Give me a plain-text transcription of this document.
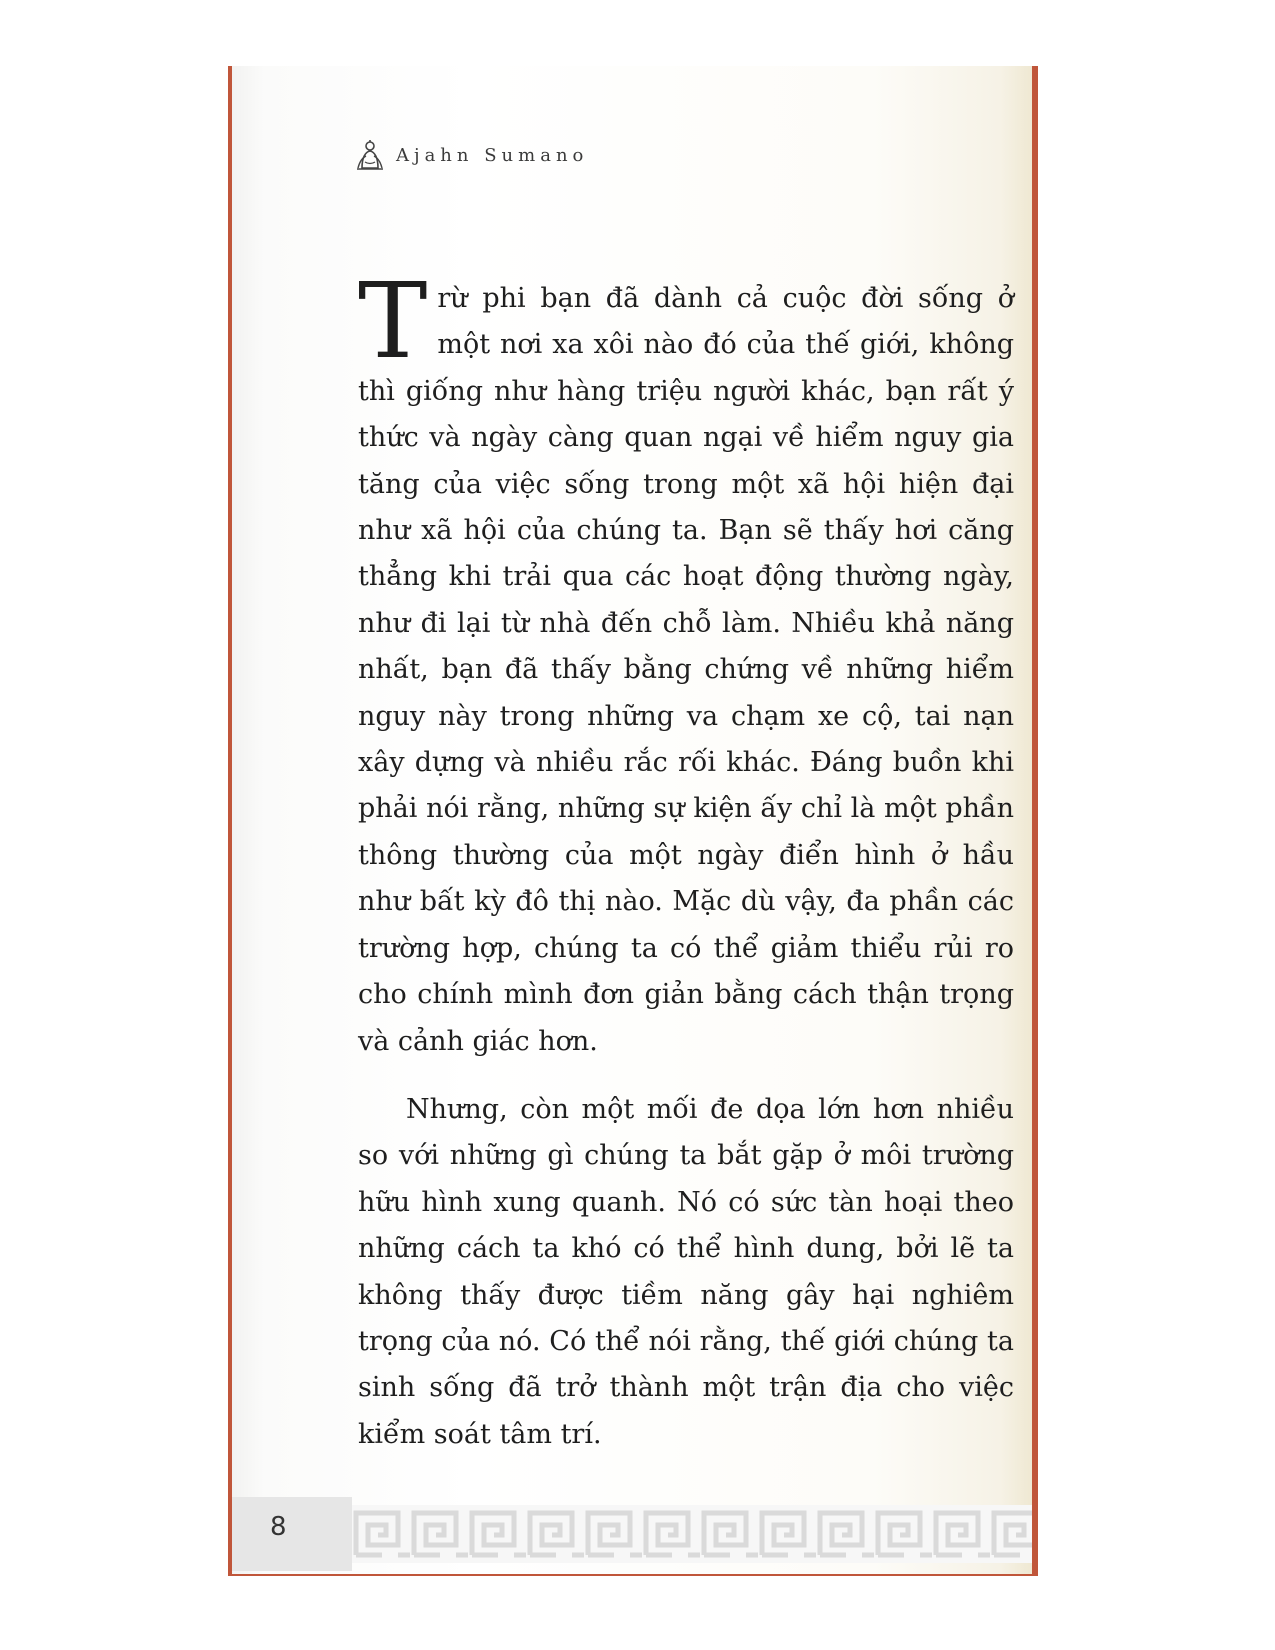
Ajahn Sumano

Trừ phi bạn đã dành cả cuộc đời sống ở một nơi xa xôi nào đó của thế giới, không thì giống như hàng triệu người khác, bạn rất ý thức và ngày càng quan ngại về hiểm nguy gia tăng của việc sống trong một xã hội hiện đại như xã hội của chúng ta. Bạn sẽ thấy hơi căng thẳng khi trải qua các hoạt động thường ngày, như đi lại từ nhà đến chỗ làm. Nhiều khả năng nhất, bạn đã thấy bằng chứng về những hiểm nguy này trong những va chạm xe cộ, tai nạn xây dựng và nhiều rắc rối khác. Đáng buồn khi phải nói rằng, những sự kiện ấy chỉ là một phần thông thường của một ngày điển hình ở hầu như bất kỳ đô thị nào. Mặc dù vậy, đa phần các trường hợp, chúng ta có thể giảm thiểu rủi ro cho chính mình đơn giản bằng cách thận trọng và cảnh giác hơn.

Nhưng, còn một mối đe dọa lớn hơn nhiều so với những gì chúng ta bắt gặp ở môi trường hữu hình xung quanh. Nó có sức tàn hoại theo những cách ta khó có thể hình dung, bởi lẽ ta không thấy được tiềm năng gây hại nghiêm trọng của nó. Có thể nói rằng, thế giới chúng ta sinh sống đã trở thành một trận địa cho việc kiểm soát tâm trí.

8
